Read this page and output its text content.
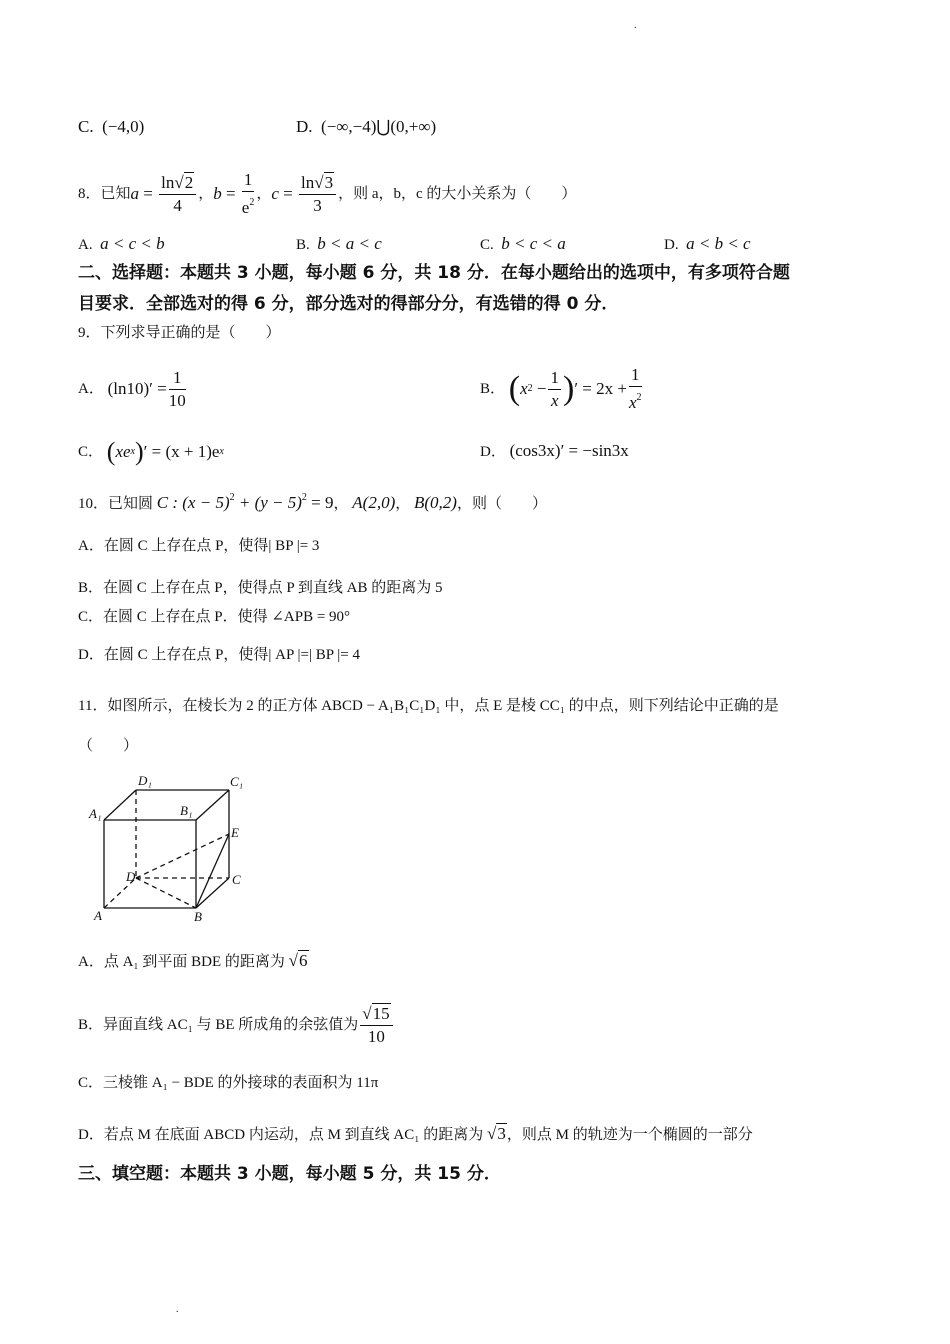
.
.
C. (−4,0)	D. (−∞,−4)⋃(0,+∞)
8．已知 $a = \frac{\ln√2}{4}$ ， $b = \frac{1}{e^2}$ ， $c = \frac{\ln√3}{3}$ ，则 a，b，c 的大小关系为（　　）
A. a < c < b	B. b < a < c	C. b < c < a	D. a < b < c
二、选择题：本题共 3 小题，每小题 6 分，共 18 分．在每小题给出的选项中，有多项符合题
目要求．全部选对的得 6 分，部分选对的得部分分，有选错的得 0 分．
9．下列求导正确的是（　　）
A．
$(\ln 10)' = \frac{1}{10}$	B．
( x 2
− $\frac{1}{x}$ ) ′
= $2x + \frac{1}{x^2}$
C．
( xe x ) ′
= (x + 1)e x	D． (cos3x)′ = −sin3x
10．已知圆 C : $(x - 5)^2 + (y - 5)^2 = 9$， A(2,0)， B(0,2)，则（　　）
A．在圆 C 上存在点 P，使得| BP |= 3
B．在圆 C 上存在点 P，使得点 P 到直线 AB 的距离为 5
C．在圆 C 上存在点 P．使得 ∠APB = 90°
D．在圆 C 上存在点 P，使得| AP |=| BP |= 4
11．如图所示，在棱长为 2 的正方体 ABCD − A₁B₁C₁D₁ 中，点 E 是棱 CC₁ 的中点，则下列结论中正确的是
（　　）
D₁	C₁
A₁	B₁
E
D	C
A	B
A．点 A₁ 到平面 BDE 的距离为 √6
B．异面直线 AC₁ 与 BE 所成角的余弦值为 $\frac{√15}{10}$
C．三棱锥 A₁ − BDE 的外接球的表面积为 11π
D．若点 M 在底面 ABCD 内运动，点 M 到直线 AC₁ 的距离为 √3，则点 M 的轨迹为一个椭圆的一部分
三、填空题：本题共 3 小题，每小题 5 分，共 15 分．
